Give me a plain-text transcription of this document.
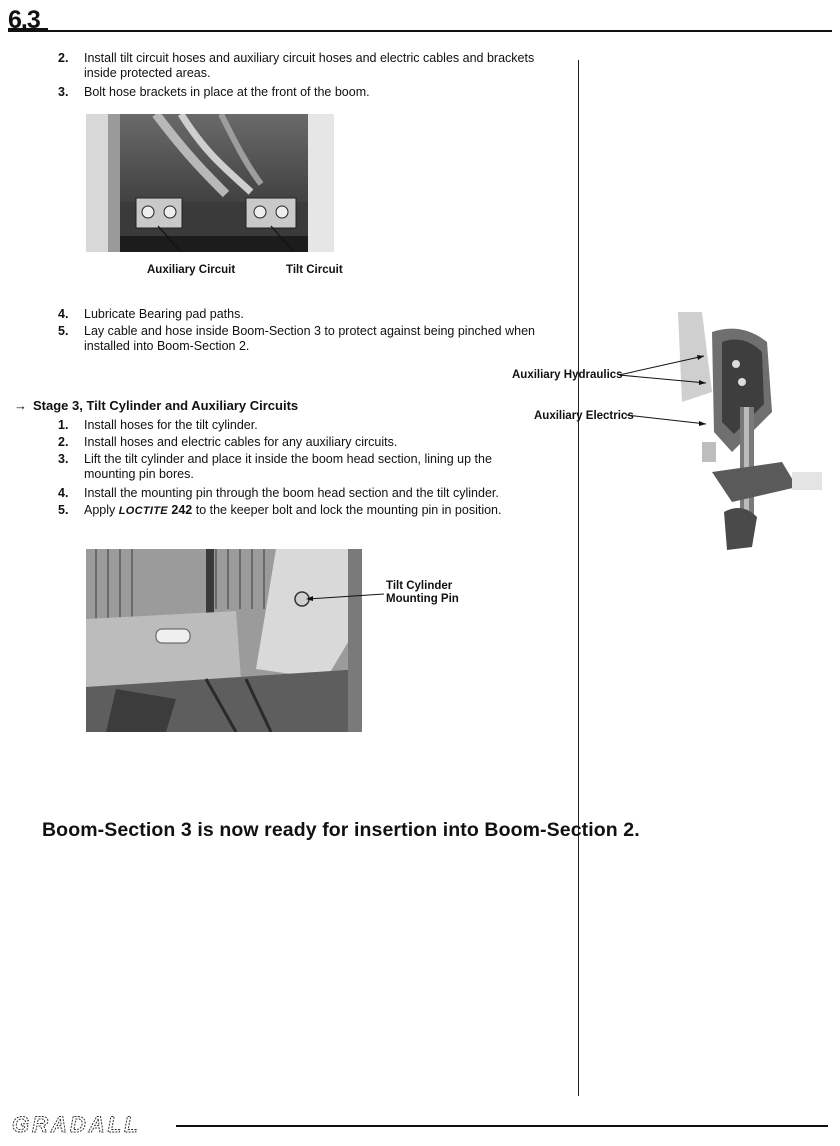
6.3
2. Install tilt circuit hoses and auxiliary circuit hoses and electric cables and brackets
inside protected areas.
3. Bolt hose brackets in place at the front of the boom.
Auxiliary Circuit	Tilt Circuit
4. Lubricate Bearing pad paths.
5. Lay cable and hose inside Boom-Section 3 to protect against being pinched when
installed into Boom-Section 2.
Auxiliary Hydraulics
Auxiliary Electrics
→ Stage 3, Tilt Cylinder and Auxiliary Circuits
1. Install hoses for the tilt cylinder.
2. Install hoses and electric cables for any auxiliary circuits.
3. Lift the tilt cylinder and place it inside the boom head section, lining up the
mounting pin bores.
4. Install the mounting pin through the boom head section and the tilt cylinder.
5. Apply LOCTITE 242 to the keeper bolt and lock the mounting pin in position.
Tilt Cylinder
Mounting Pin
Boom-Section 3 is now ready for insertion into Boom-Section 2.
GRADALL
